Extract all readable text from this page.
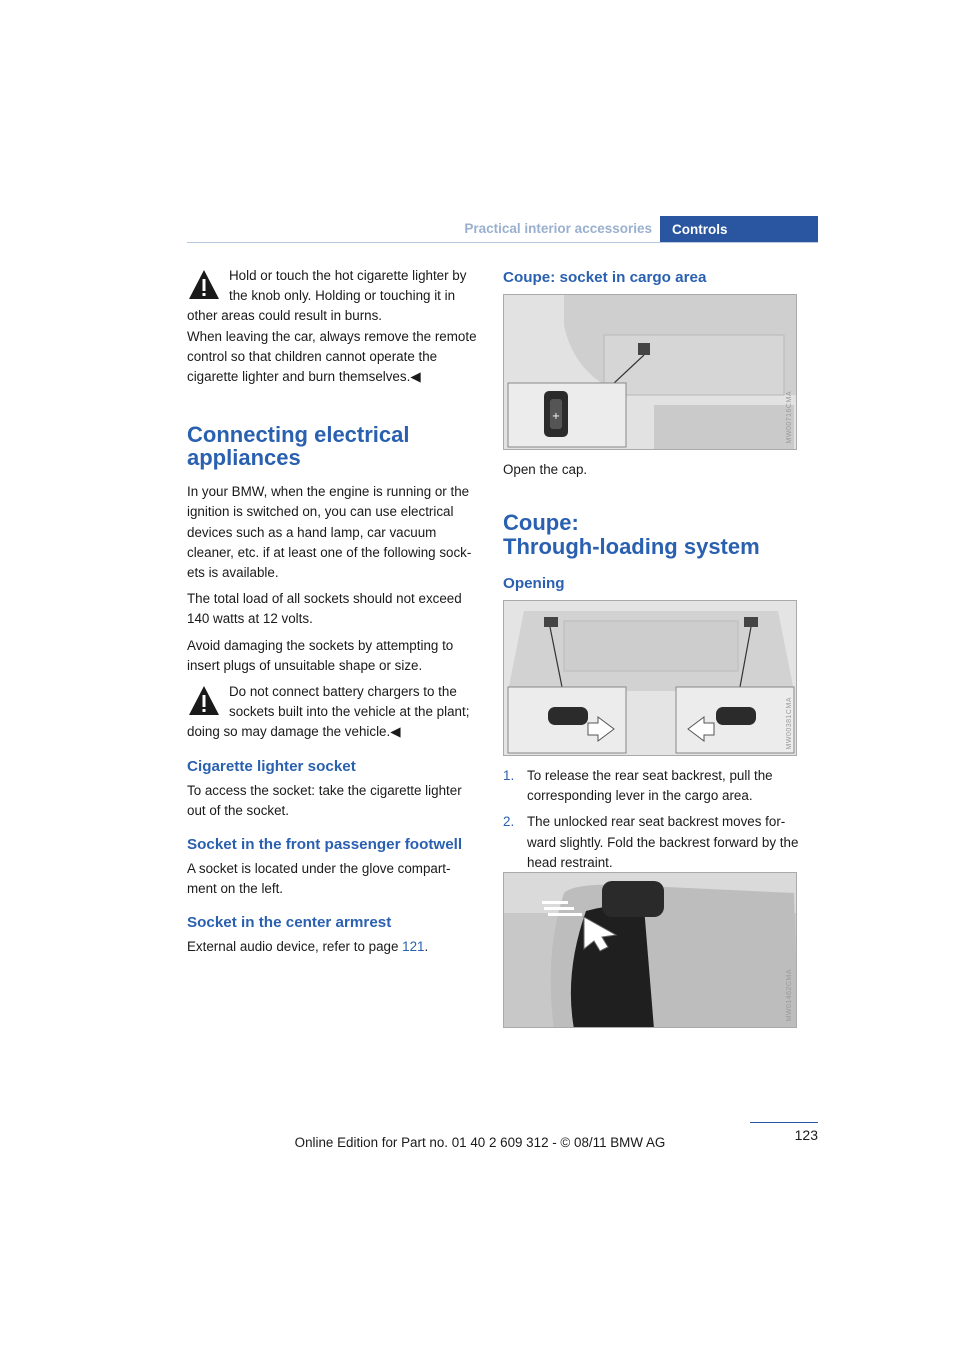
Practical interior accessories	Controls
Hold or touch the hot cigarette lighter by
the knob only. Holding or touching it in
other areas could result in burns.

When leaving the car, always remove the remote control so that children cannot operate the cigarette lighter and burn themselves.◀

Connecting electrical appliances

In your BMW, when the engine is running or the ignition is switched on, you can use electrical devices such as a hand lamp, car vacuum cleaner, etc. if at least one of the following sock-ets is available.

The total load of all sockets should not exceed 140 watts at 12 volts.

Avoid damaging the sockets by attempting to insert plugs of unsuitable shape or size.

Do not connect battery chargers to the
sockets built into the vehicle at the plant;
doing so may damage the vehicle.◀
Cigarette lighter socket

To access the socket: take the cigarette lighter out of the socket.

Socket in the front passenger footwell

A socket is located under the glove compart-ment on the left.

Socket in the center armrest

External audio device, refer to page 121.

Coupe: socket in cargo area
+	MW00716CMA
Open the cap.
Coupe:
Through-loading system
Opening
MW00381CMA
1. To release the rear seat backrest, pull the corresponding lever in the cargo area.
2. The unlocked rear seat backrest moves for-ward slightly. Fold the backrest forward by the head restraint.
MW01462CMA
123
Online Edition for Part no. 01 40 2 609 312 - © 08/11 BMW AG
